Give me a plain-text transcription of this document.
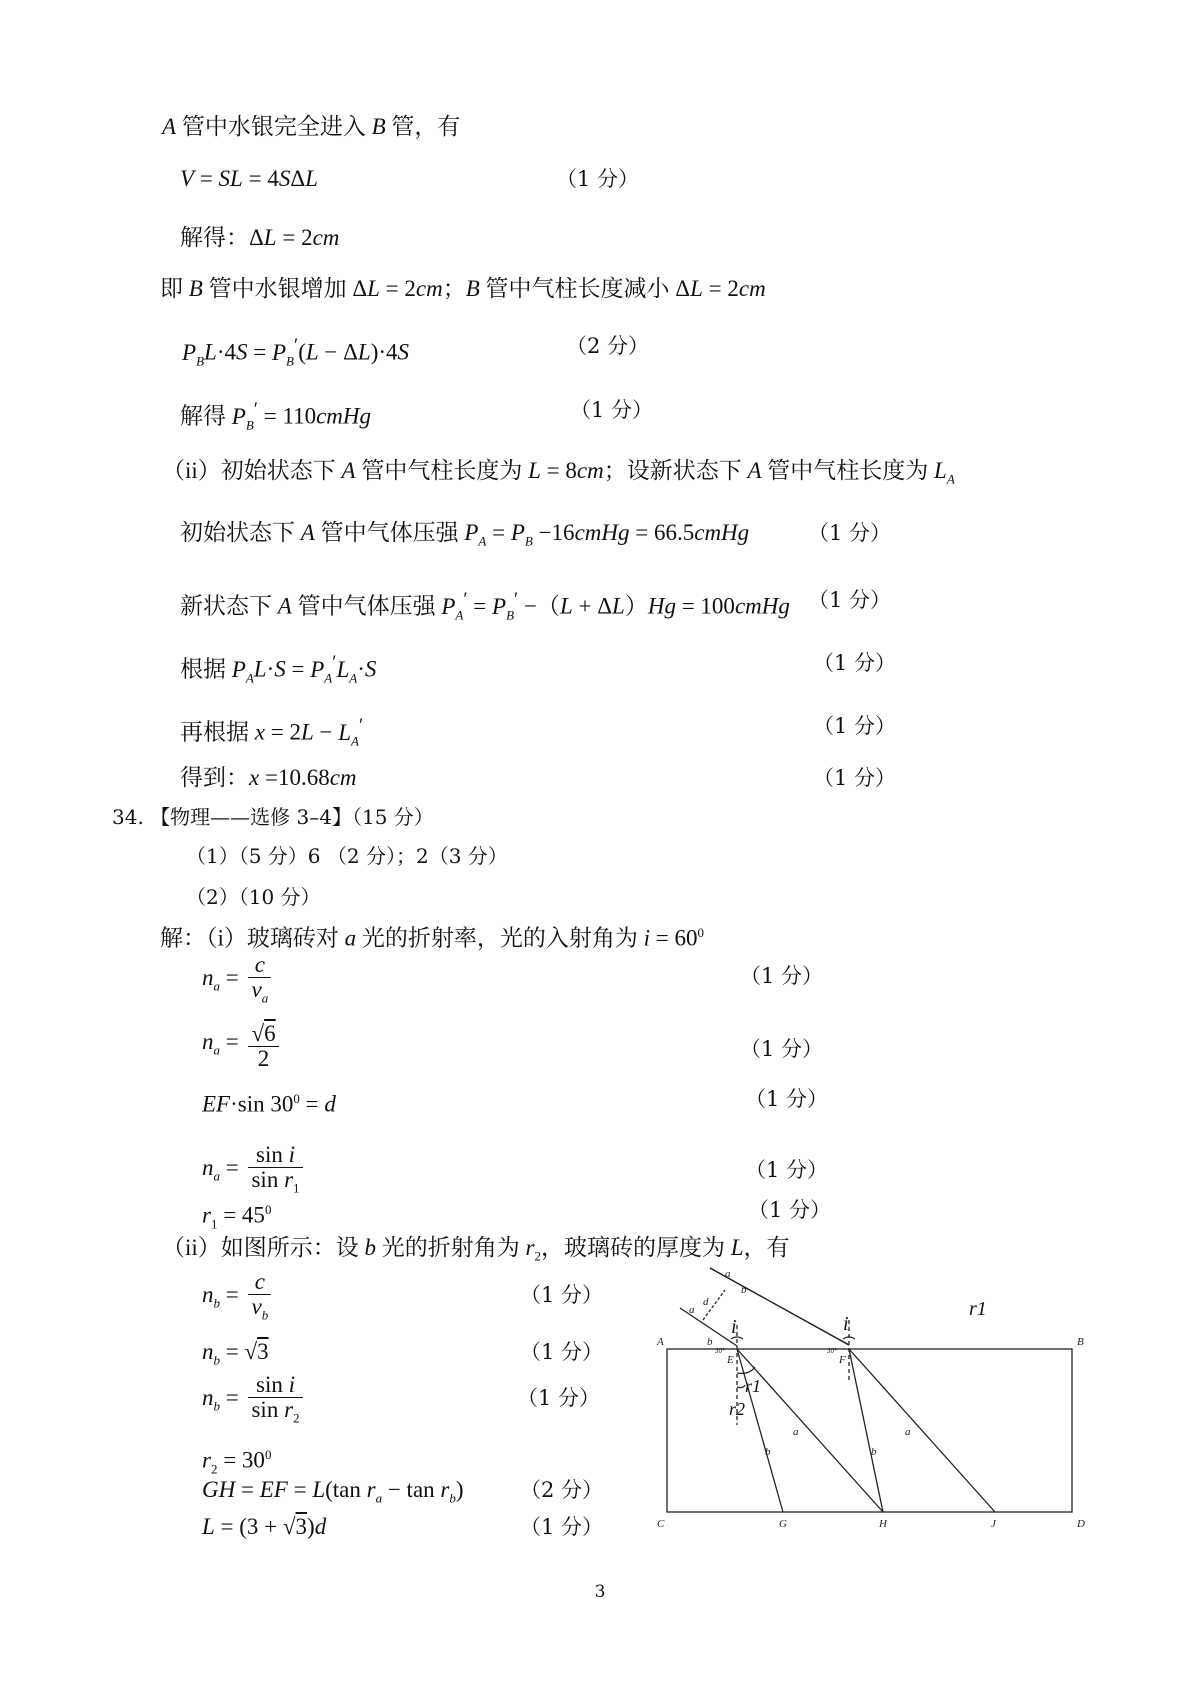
A 管中水银完全进入 B 管，有
V = SL = 4SΔL	（1 分）
解得：ΔL = 2cm
即 B 管中水银增加 ΔL = 2cm；B 管中气柱长度减小 ΔL = 2cm
$P_BL\cdot 4S = P_B'(L - \Delta L)\cdot 4S$	（2 分）
解得 $P_B'$ = 110cmHg	（1 分）
（ii）初始状态下 A 管中气柱长度为 L = 8cm；设新状态下 A 管中气柱长度为 $L_A$
初始状态下 A 管中气体压强 $P_A = P_B$ −16cmHg = 66.5cmHg	（1 分）
新状态下 A 管中气体压强 $P_A' = P_B' -(L + \Delta L)Hg$ = 100cmHg （1 分）
根据 $P_AL\cdot S = P_A'L_A\cdot S$	（1 分）
再根据 $x = 2L - L_A'$	（1 分）
得到：x =10.68cm	（1 分）
34. 【物理——选修 3–4】（15 分）
（1）（5 分）6 （2 分）；2（3 分）
（2）（10 分）
解：（i）玻璃砖对 a 光的折射率，光的入射角为 $i = 60^0$
$n_a = \frac{c}{v_a}$	（1 分）
$n_a = \frac{√6}{2}$	（1 分）
EF·sin $30^0 = d$	（1 分）
$n_a = \frac{\text{sin i}}{\sin r_1}$	（1 分）
$r_1 = 45^0$	（1 分）
（ii）如图所示：设 b 光的折射角为 $r_2$，玻璃砖的厚度为 L，有
$n_b = \frac{c}{v_b}$	（1 分）
$n_b = √3$	（1 分）
$n_b = \frac{\text{sin i}}{\sin r_2}$	（1 分）
$r_2 = 30^0$
GH = EF = L(tan $r_a - \tan r_b$)	（2 分）
L = (3 + √3)d	（1 分）
A	B
C	D
E	F
G	H	J
a
b
a
b
d
a
b
a
b
30°	30°
i	i
r1
r2
r1
3
